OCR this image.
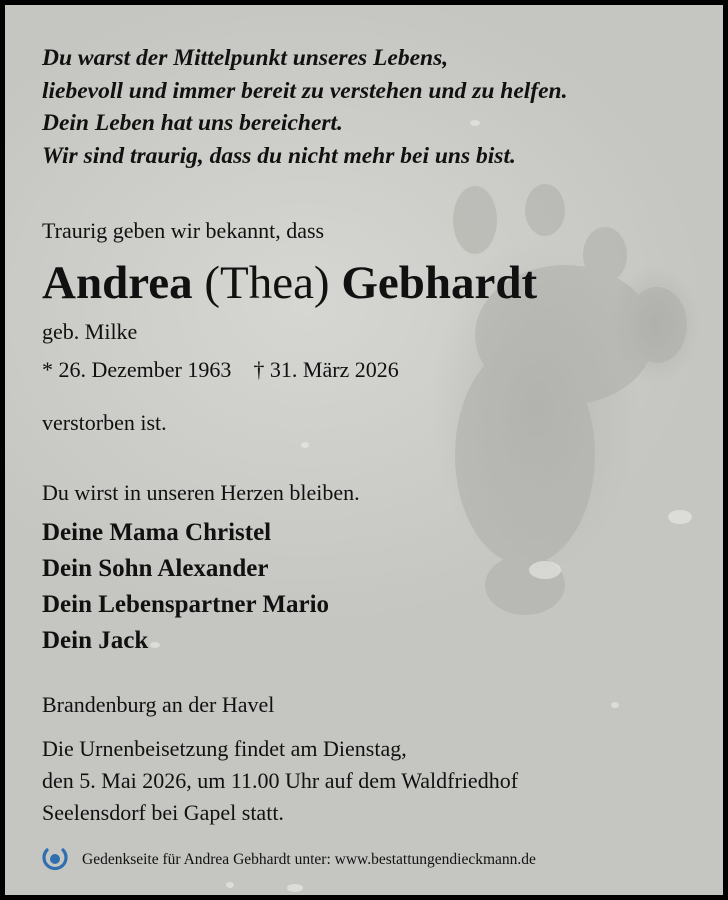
Du warst der Mittelpunkt unseres Lebens,
liebevoll und immer bereit zu verstehen und zu helfen.
Dein Leben hat uns bereichert.
Wir sind traurig, dass du nicht mehr bei uns bist.
Traurig geben wir bekannt, dass
Andrea (Thea) Gebhardt
geb. Milke
* 26. Dezember 1963 † 31. März 2026
verstorben ist.
Du wirst in unseren Herzen bleiben.
Deine Mama Christel
Dein Sohn Alexander
Dein Lebenspartner Mario
Dein Jack
Brandenburg an der Havel
Die Urnenbeisetzung findet am Dienstag,
den 5. Mai 2026, um 11.00 Uhr auf dem Waldfriedhof
Seelensdorf bei Gapel statt.
Gedenkseite für Andrea Gebhardt unter: www.bestattungendieckmann.de
